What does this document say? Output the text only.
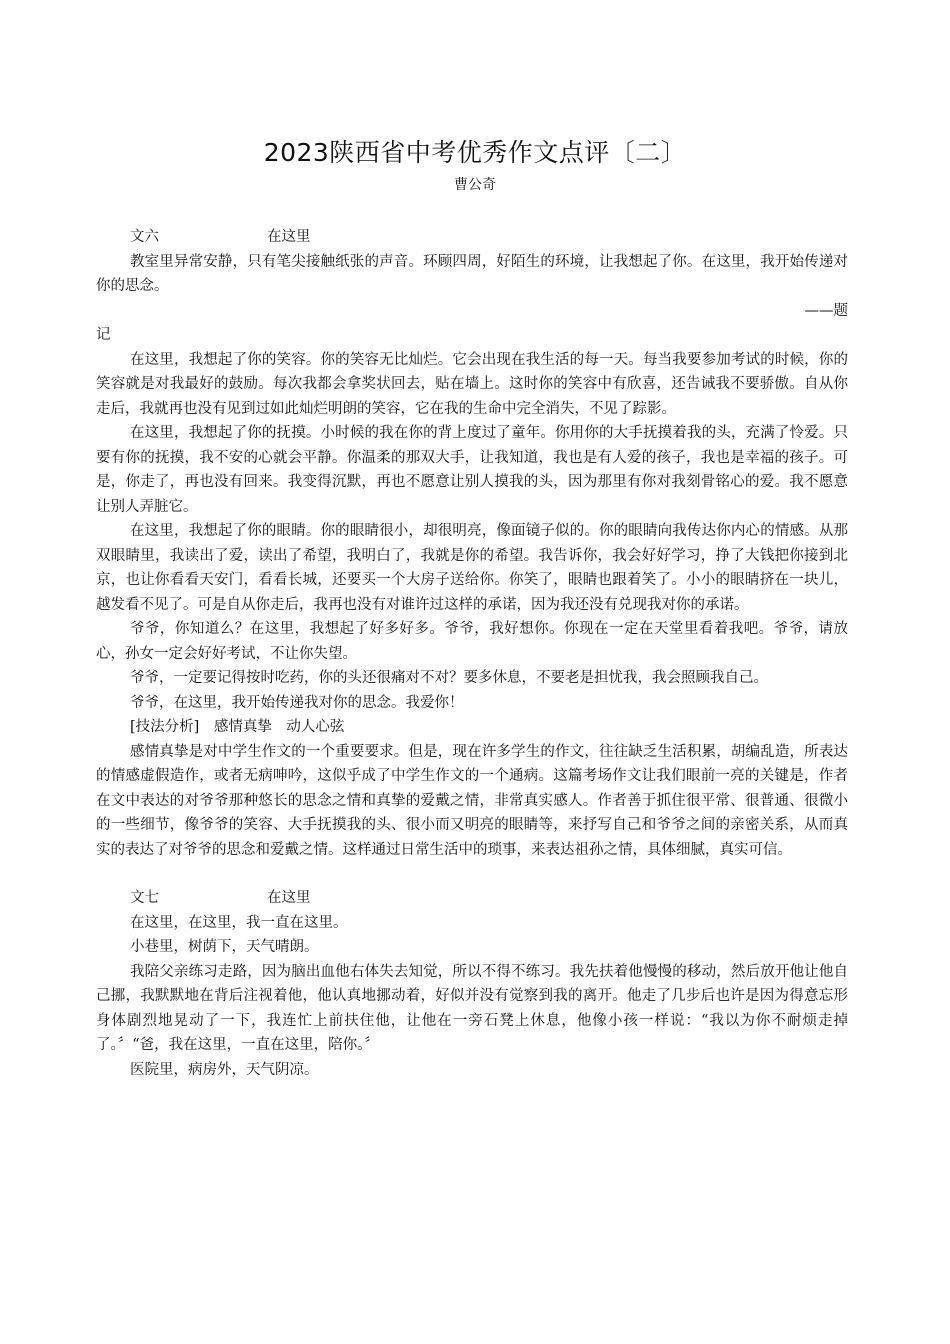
2023陕西省中考优秀作文点评〔二〕
曹公奇
文六	在这里

教室里异常安静，只有笔尖接触纸张的声音。环顾四周，好陌生的环境，让我想起了你。在这里，我开始传递对你的思念。

——题
记

在这里，我想起了你的笑容。你的笑容无比灿烂。它会出现在我生活的每一天。每当我要参加考试的时候，你的笑容就是对我最好的鼓励。每次我都会拿奖状回去，贴在墙上。这时你的笑容中有欣喜，还告诫我不要骄傲。自从你走后，我就再也没有见到过如此灿烂明朗的笑容，它在我的生命中完全消失，不见了踪影。

在这里，我想起了你的抚摸。小时候的我在你的背上度过了童年。你用你的大手抚摸着我的头，充满了怜爱。只要有你的抚摸，我不安的心就会平静。你温柔的那双大手，让我知道，我也是有人爱的孩子，我也是幸福的孩子。可是，你走了，再也没有回来。我变得沉默，再也不愿意让别人摸我的头，因为那里有你对我刻骨铭心的爱。我不愿意让别人弄脏它。

在这里，我想起了你的眼睛。你的眼睛很小，却很明亮，像面镜子似的。你的眼睛向我传达你内心的情感。从那双眼睛里，我读出了爱，读出了希望，我明白了，我就是你的希望。我告诉你，我会好好学习，挣了大钱把你接到北京，也让你看看天安门，看看长城，还要买一个大房子送给你。你笑了，眼睛也跟着笑了。小小的眼睛挤在一块儿，越发看不见了。可是自从你走后，我再也没有对谁许过这样的承诺，因为我还没有兑现我对你的承诺。

爷爷，你知道么？在这里，我想起了好多好多。爷爷，我好想你。你现在一定在天堂里看着我吧。爷爷，请放心，孙女一定会好好考试，不让你失望。

爷爷，一定要记得按时吃药，你的头还很痛对不对？要多休息，不要老是担忧我，我会照顾我自己。

爷爷，在这里，我开始传递我对你的思念。我爱你！

[技法分析]　感情真挚　动人心弦

感情真挚是对中学生作文的一个重要要求。但是，现在许多学生的作文，往往缺乏生活积累，胡编乱造，所表达的情感虚假造作，或者无病呻吟，这似乎成了中学生作文的一个通病。这篇考场作文让我们眼前一亮的关键是，作者在文中表达的对爷爷那种悠长的思念之情和真挚的爱戴之情，非常真实感人。作者善于抓住很平常、很普通、很微小的一些细节，像爷爷的笑容、大手抚摸我的头、很小而又明亮的眼睛等，来抒写自己和爷爷之间的亲密关系，从而真实的表达了对爷爷的思念和爱戴之情。这样通过日常生活中的琐事，来表达祖孙之情，具体细腻，真实可信。

文七	在这里

在这里，在这里，我一直在这里。

小巷里，树荫下，天气晴朗。

我陪父亲练习走路，因为脑出血他右体失去知觉，所以不得不练习。我先扶着他慢慢的移动，然后放开他让他自己挪，我默默地在背后注视着他，他认真地挪动着，好似并没有觉察到我的离开。他走了几步后也许是因为得意忘形身体剧烈地晃动了一下，我连忙上前扶住他，让他在一旁石凳上休息，他像小孩一样说：“我以为你不耐烦走掉了。〞“爸，我在这里，一直在这里，陪你。〞

医院里，病房外，天气阴凉。
